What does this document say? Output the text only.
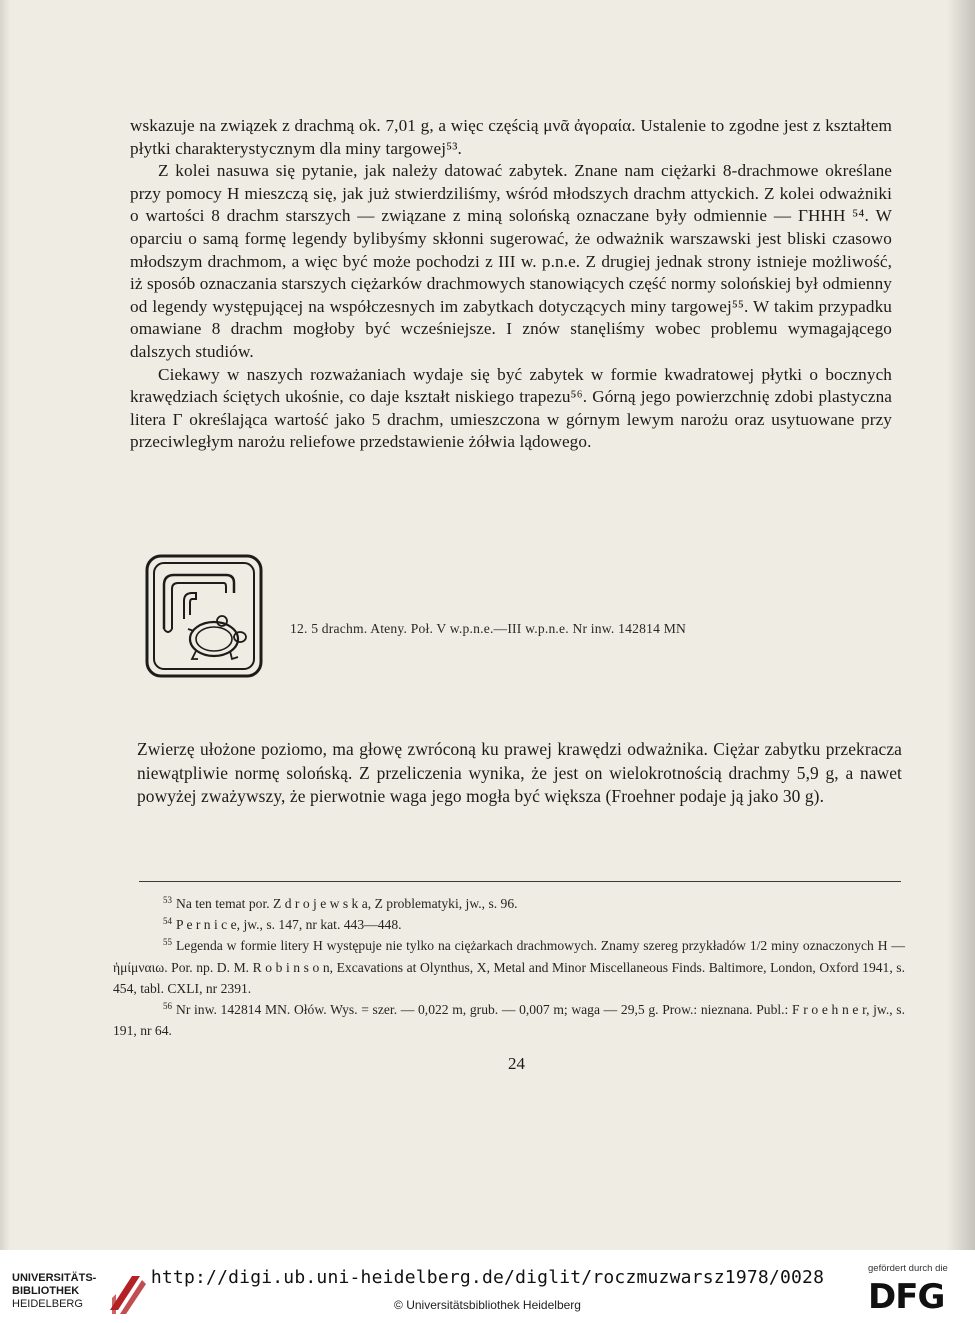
wskazuje na związek z drachmą ok. 7,01 g, a więc częścią μνᾶ ἀγοραία. Ustalenie to zgodne jest z kształtem płytki charakterystycznym dla miny targowej⁵³.

Z kolei nasuwa się pytanie, jak należy datować zabytek. Znane nam ciężarki 8-drachmowe określane przy pomocy Η mieszczą się, jak już stwierdziliśmy, wśród młodszych drachm attyckich. Z kolei odważniki o wartości 8 drachm starszych — związane z miną solońską oznaczane były odmiennie — ΓΗΗΗ ⁵⁴. W oparciu o samą formę legendy bylibyśmy skłonni sugerować, że odważnik warszawski jest bliski czasowo młodszym drachmom, a więc być może pochodzi z III w. p.n.e. Z drugiej jednak strony istnieje możliwość, iż sposób oznaczania starszych ciężarków drachmowych stanowiących część normy solońskiej był odmienny od legendy występującej na współczesnych im zabytkach dotyczących miny targowej⁵⁵. W takim przypadku omawiane 8 drachm mogłoby być wcześniejsze. I znów stanęliśmy wobec problemu wymagającego dalszych studiów.

Ciekawy w naszych rozważaniach wydaje się być zabytek w formie kwadratowej płytki o bocznych krawędziach ściętych ukośnie, co daje kształt niskiego trapezu⁵⁶. Górną jego powierzchnię zdobi plastyczna litera Γ określająca wartość jako 5 drachm, umieszczona w górnym lewym narożu oraz usytuowane przy przeciwległym narożu reliefowe przedstawienie żółwia lądowego.

12. 5 drachm. Ateny. Poł. V w.p.n.e.—III w.p.n.e. Nr inw. 142814 MN

Zwierzę ułożone poziomo, ma głowę zwróconą ku prawej krawędzi odważnika. Ciężar zabytku przekracza niewątpliwie normę solońską. Z przeliczenia wynika, że jest on wielokrotnością drachmy 5,9 g, a nawet powyżej zważywszy, że pierwotnie waga jego mogła być większa (Froehner podaje ją jako 30 g).

$^{53}$ Na ten temat por. Z d r o j e w s k a, Z problematyki, jw., s. 96.

$^{54}$ P e r n i c e, jw., s. 147, nr kat. 443—448.

$^{55}$ Legenda w formie litery Η występuje nie tylko na ciężarkach drachmowych. Znamy szereg przykładów 1/2 miny oznaczonych Η — ἡμίμναιω. Por. np. D. M. R o b i n s o n, Excavations at Olynthus, X, Metal and Minor Miscellaneous Finds. Baltimore, London, Oxford 1941, s. 454, tabl. CXLI, nr 2391.

$^{56}$ Nr inw. 142814 MN. Ołów. Wys. = szer. — 0,022 m, grub. — 0,007 m; waga — 29,5 g. Prow.: nieznana. Publ.: F r o e h n e r, jw., s. 191, nr 64.

24
UNIVERSITÄTS-
BIBLIOTHEK
HEIDELBERG
http://digi.ub.uni-heidelberg.de/diglit/roczmuzwarsz1978/0028
© Universitätsbibliothek Heidelberg
gefördert durch die
DFG
